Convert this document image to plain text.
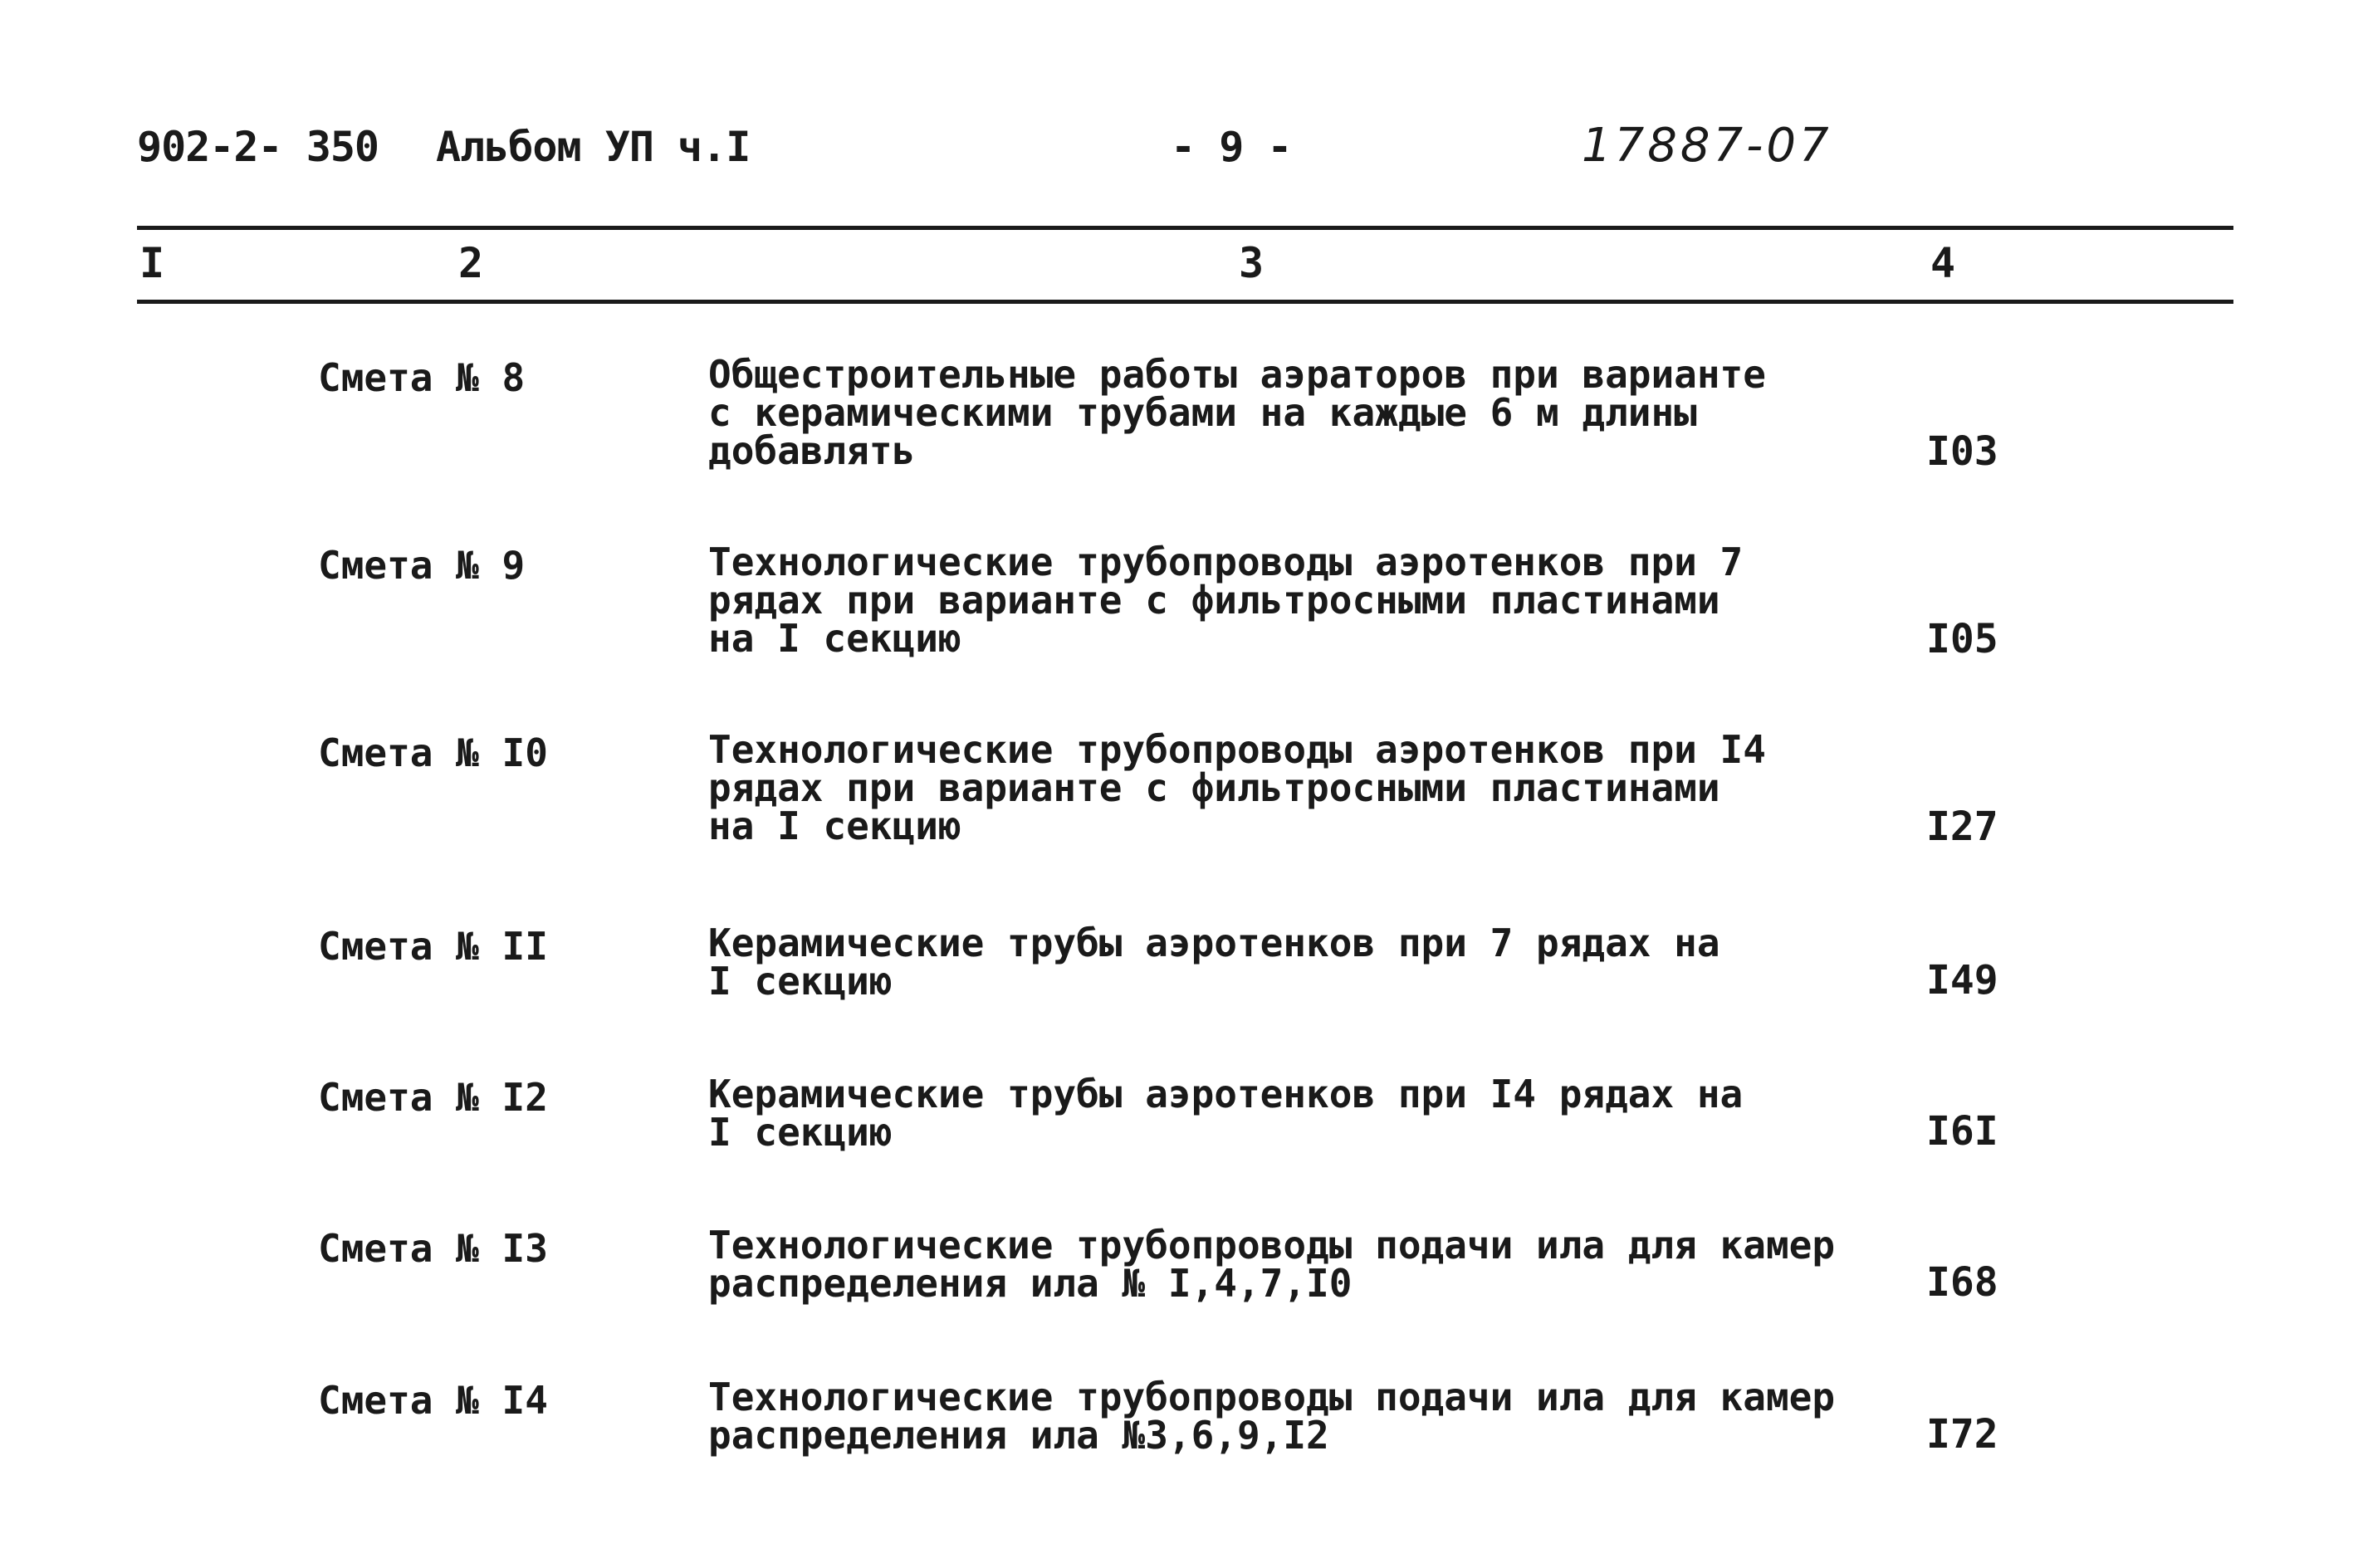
902-2- 350 Альбом УП ч.I	- 9 -	17887-07
I	2	3	4
Смета № 8	Общестроительные работы аэраторов при варианте
с керамическими трубами на каждые 6 м длины
добавлять	I03
Смета № 9	Технологические трубопроводы аэротенков при 7
рядах при варианте с фильтросными пластинами
на I секцию	I05
Смета № I0	Технологические трубопроводы аэротенков при I4
рядах при варианте с фильтросными пластинами
на I секцию	I27
Смета № II	Керамические трубы аэротенков при 7 рядах на
I секцию	I49
Смета № I2	Керамические трубы аэротенков при I4 рядах на
I секцию	I6I
Смета № I3	Технологические трубопроводы подачи ила для камер
распределения ила № I,4,7,I0	I68
Смета № I4	Технологические трубопроводы подачи ила для камер
распределения ила №3,6,9,I2	I72
